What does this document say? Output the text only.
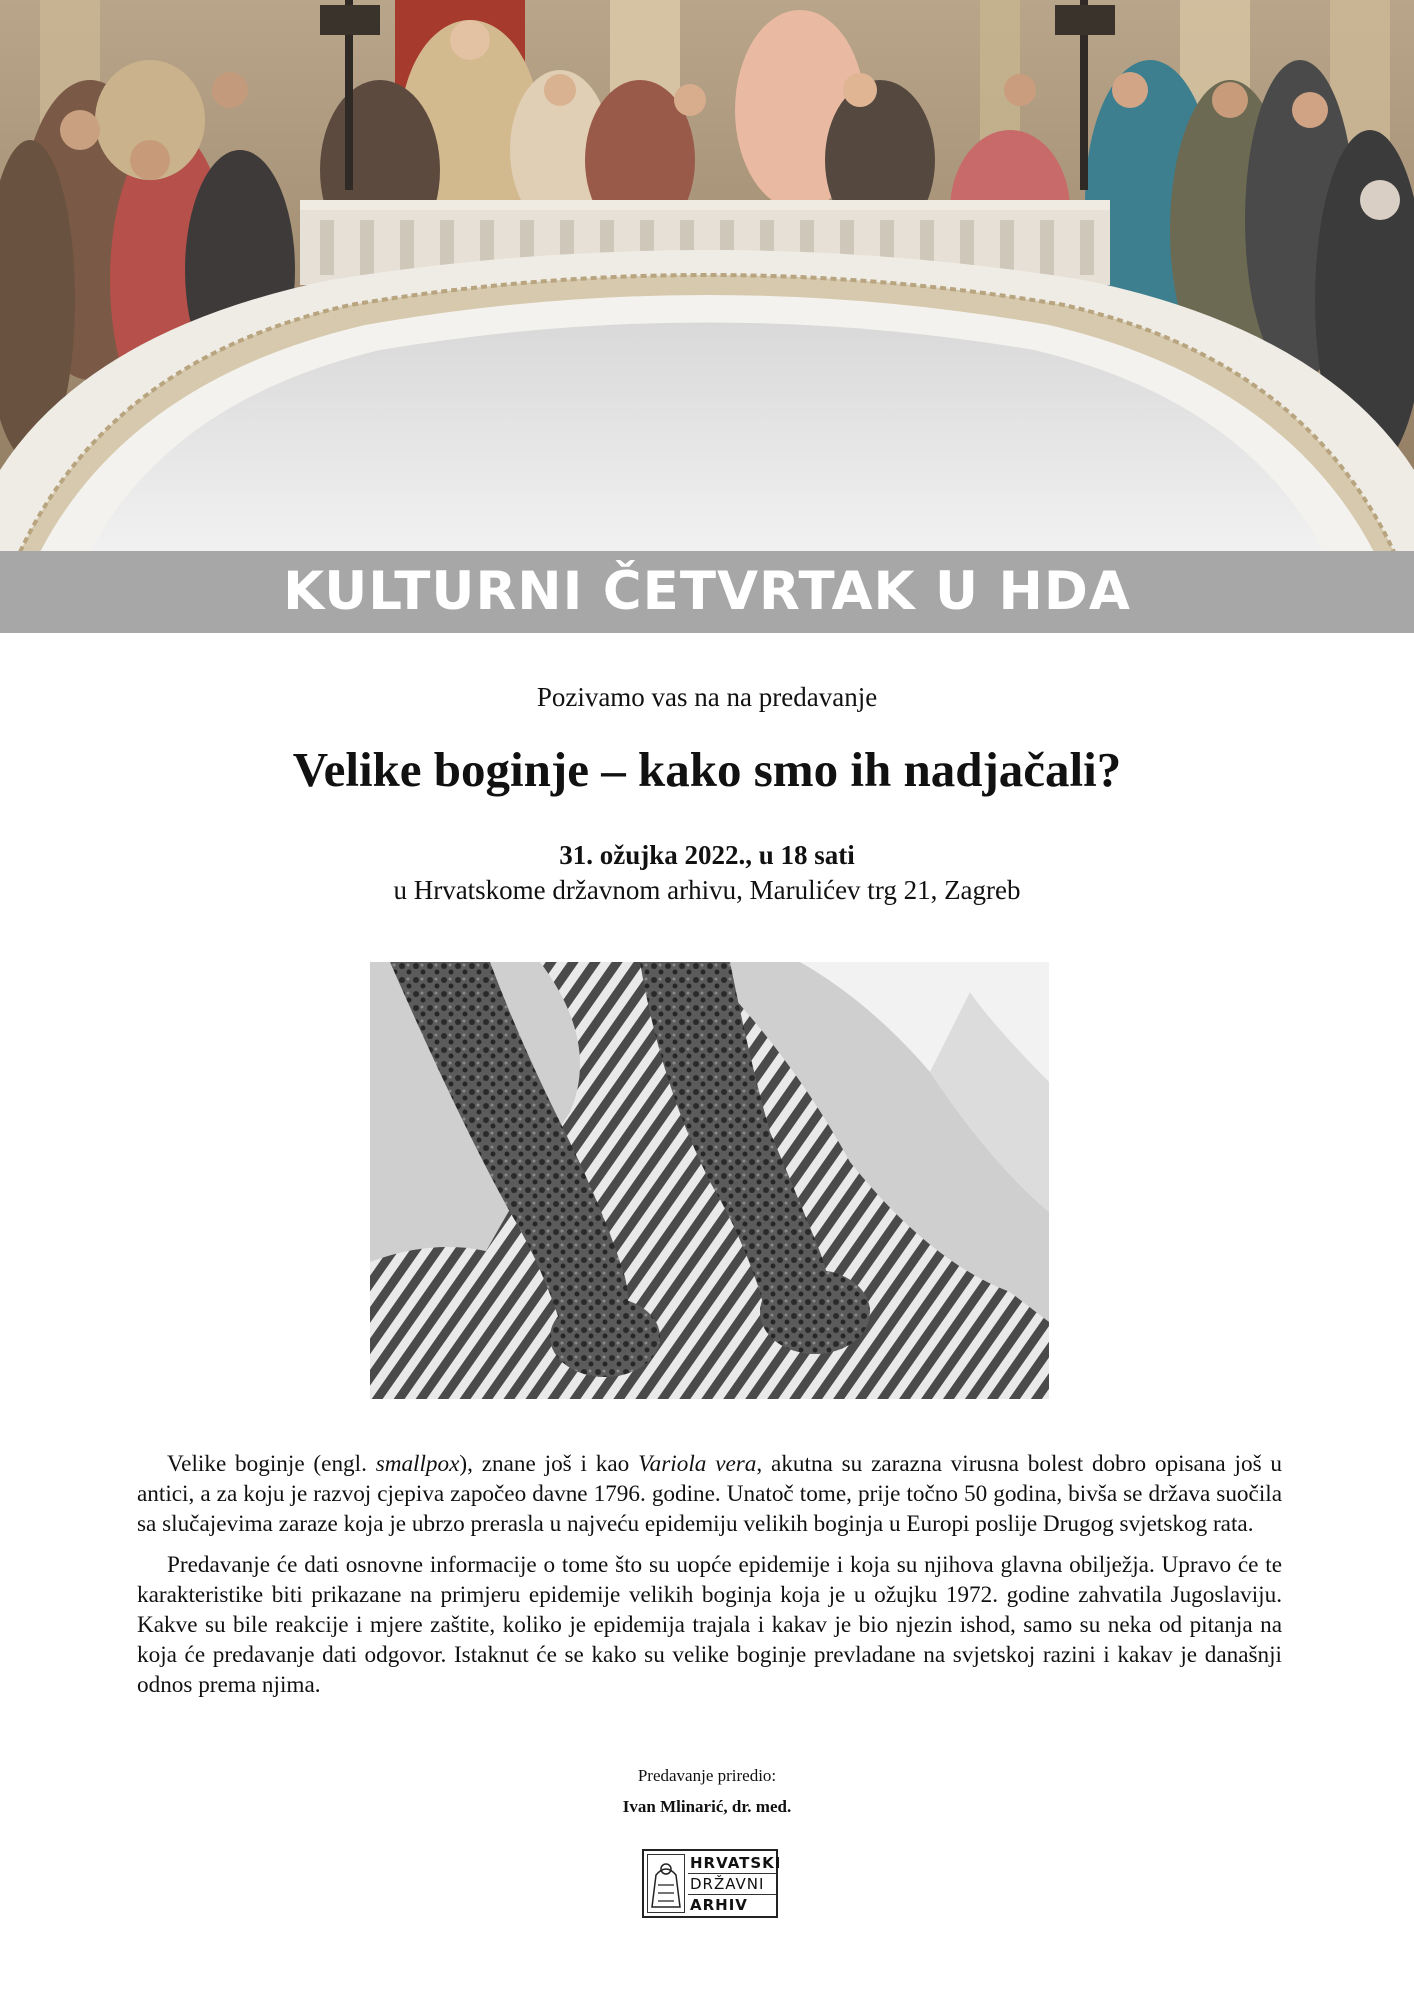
KULTURNI ČETVRTAK U HDA
Pozivamo vas na na predavanje
Velike boginje – kako smo ih nadjačali?
31. ožujka 2022., u 18 sati
u Hrvatskome državnom arhivu, Marulićev trg 21, Zagreb

Velike boginje (engl. smallpox), znane još i kao Variola vera, akutna su zarazna virusna bolest dobro opisana još u antici, a za koju je razvoj cjepiva započeo davne 1796. godine. Unatoč tome, prije točno 50 godina, bivša se država suočila sa slučajevima zaraze koja je ubrzo prerasla u najveću epidemiju velikih boginja u Europi poslije Drugog svjetskog rata.

Predavanje će dati osnovne informacije o tome što su uopće epidemije i koja su njihova glavna obilježja. Upravo će te karakteristike biti prikazane na primjeru epidemije velikih boginja koja je u ožujku 1972. godine zahvatila Jugoslaviju. Kakve su bile reakcije i mjere zaštite, koliko je epidemija trajala i kakav je bio njezin ishod, samo su neka od pitanja na koja će predavanje dati odgovor. Istaknut će se kako su velike boginje prevladane na svjetskoj razini i kakav je današnji odnos prema njima.

Predavanje priredio:
Ivan Mlinarić, dr. med.
HRVATSKI
DRŽAVNI
ARHIV
